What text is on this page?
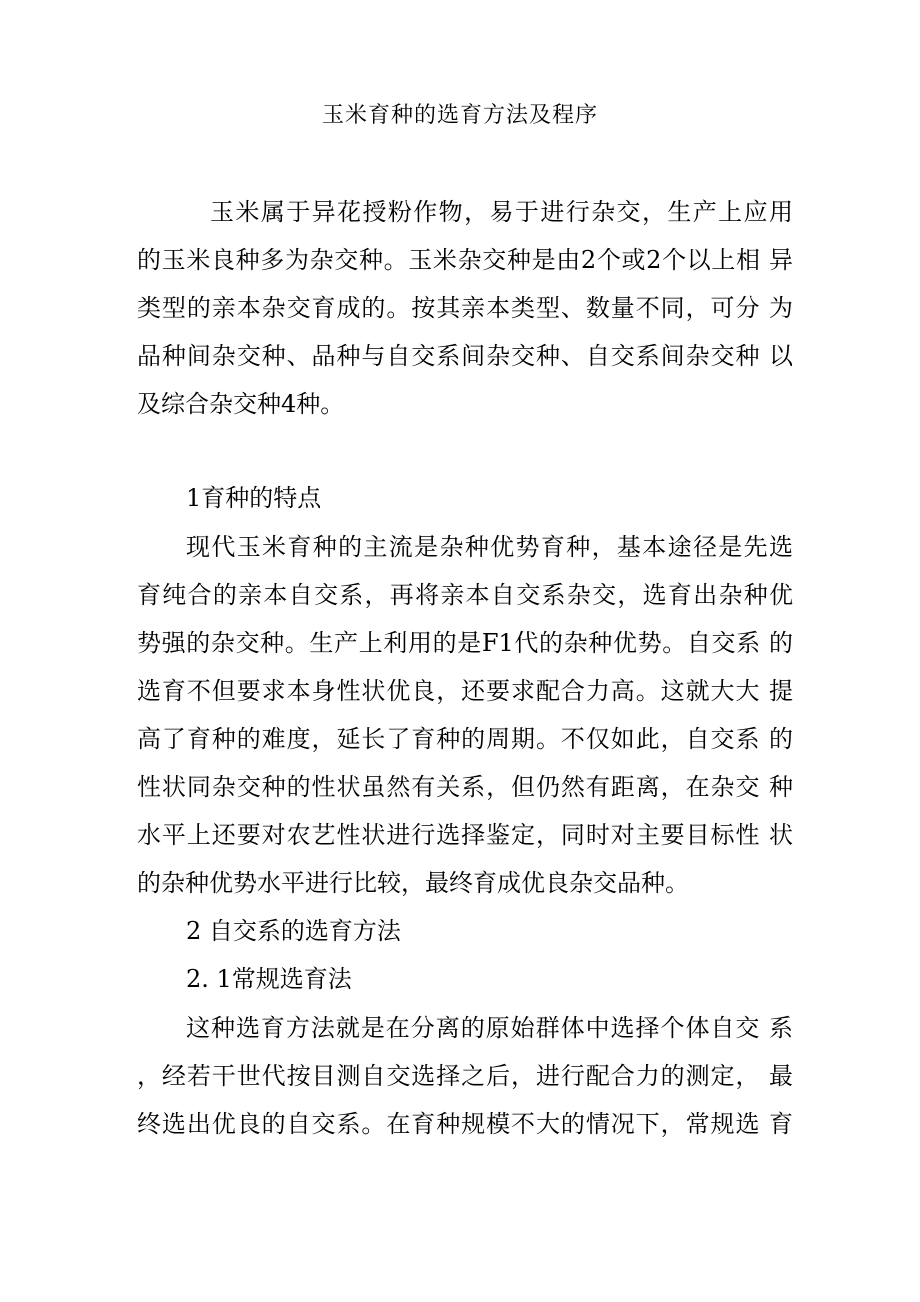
玉米育种的选育方法及程序
玉米属于异花授粉作物，易于进行杂交，生产上应用
的玉米良种多为杂交种。玉米杂交种是由2个或2个以上相 异
类型的亲本杂交育成的。按其亲本类型、数量不同，可分 为
品种间杂交种、品种与自交系间杂交种、自交系间杂交种 以
及综合杂交种4种。
1育种的特点
现代玉米育种的主流是杂种优势育种，基本途径是先选
育纯合的亲本自交系，再将亲本自交系杂交，选育出杂种优
势强的杂交种。生产上利用的是F1代的杂种优势。自交系 的
选育不但要求本身性状优良，还要求配合力高。这就大大 提
高了育种的难度，延长了育种的周期。不仅如此，自交系 的
性状同杂交种的性状虽然有关系，但仍然有距离，在杂交 种
水平上还要对农艺性状进行选择鉴定，同时对主要目标性 状
的杂种优势水平进行比较，最终育成优良杂交品种。
2 自交系的选育方法
2. 1常规选育法
这种选育方法就是在分离的原始群体中选择个体自交 系
，经若干世代按目测自交选择之后，进行配合力的测定， 最
终选出优良的自交系。在育种规模不大的情况下，常规选 育
